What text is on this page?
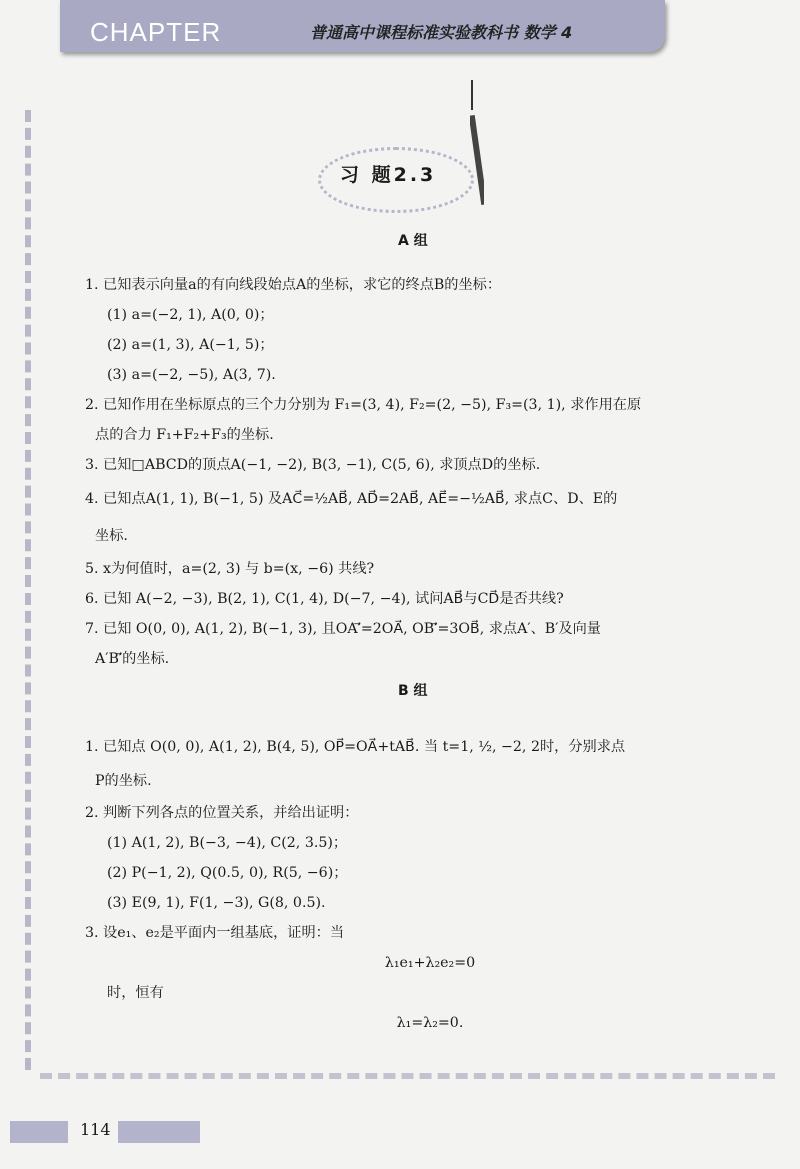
CHAPTER	普通高中课程标准实验教科书 数学 4
习 题2.3
A 组

1. 已知表示向量a的有向线段始点A的坐标，求它的终点B的坐标：

(1) a=(−2, 1), A(0, 0)；

(2) a=(1, 3), A(−1, 5)；

(3) a=(−2, −5), A(3, 7).

2. 已知作用在坐标原点的三个力分别为 F₁=(3, 4), F₂=(2, −5), F₃=(3, 1), 求作用在原

点的合力 F₁+F₂+F₃的坐标.

3. 已知□ABCD的顶点A(−1, −2), B(3, −1), C(5, 6), 求顶点D的坐标.

4. 已知点A(1, 1), B(−1, 5) 及AC⃗=½AB⃗, AD⃗=2AB⃗, AE⃗=−½AB⃗, 求点C、D、E的

坐标.

5. x为何值时，a=(2, 3) 与 b=(x, −6) 共线?

6. 已知 A(−2, −3), B(2, 1), C(1, 4), D(−7, −4), 试问AB⃗与CD⃗是否共线?

7. 已知 O(0, 0), A(1, 2), B(−1, 3), 且OA′⃗=2OA⃗, OB′⃗=3OB⃗, 求点A′、B′及向量

A′B′⃗的坐标.

B 组

1. 已知点 O(0, 0), A(1, 2), B(4, 5), OP⃗=OA⃗+tAB⃗. 当 t=1, ½, −2, 2时，分别求点

P的坐标.

2. 判断下列各点的位置关系，并给出证明：

(1) A(1, 2), B(−3, −4), C(2, 3.5)；

(2) P(−1, 2), Q(0.5, 0), R(5, −6)；

(3) E(9, 1), F(1, −3), G(8, 0.5).

3. 设e₁、e₂是平面内一组基底，证明：当

λ₁e₁+λ₂e₂=0

时，恒有

λ₁=λ₂=0.

114
